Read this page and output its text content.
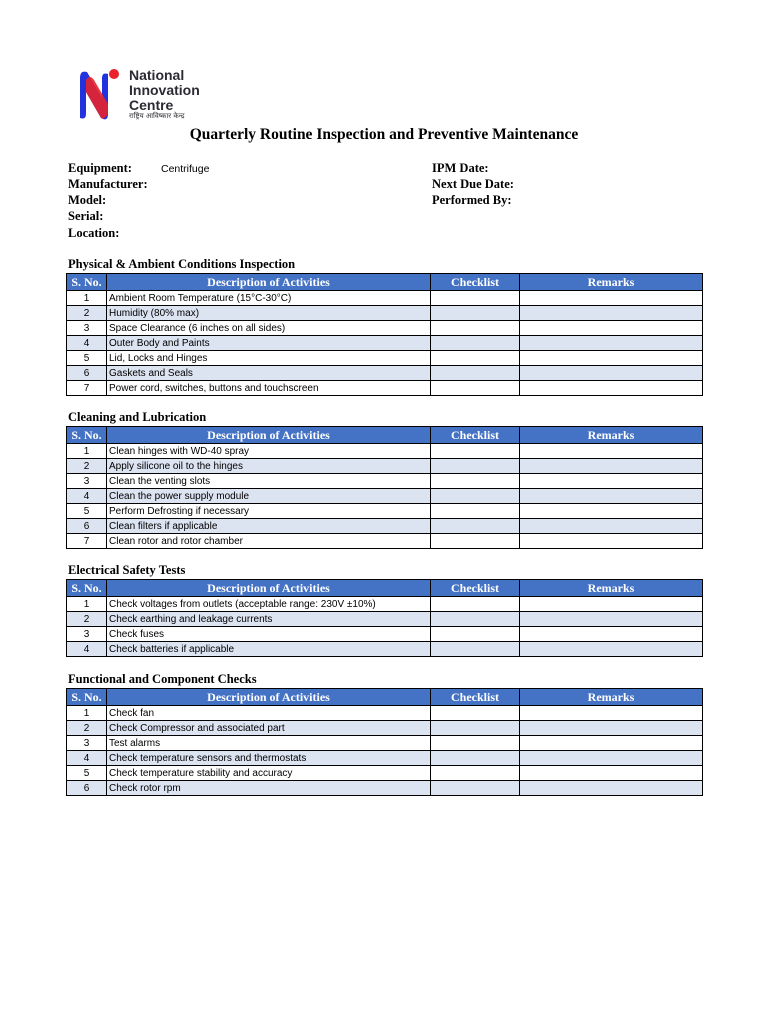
National
Innovation
Centre
राष्ट्रिय आविष्कार केन्द्र
Quarterly Routine Inspection and Preventive Maintenance
Equipment:	Centrifuge
Manufacturer:
Model:
Serial:
Location:
IPM Date:
Next Due Date:
Performed By:
Physical & Ambient Conditions Inspection
S. No.	Description of Activities	Checklist	Remarks
1	Ambient Room Temperature (15°C-30°C)		
2	Humidity (80% max)		
3	Space Clearance (6 inches on all sides)		
4	Outer Body and Paints		
5	Lid, Locks and Hinges		
6	Gaskets and Seals		
7	Power cord, switches, buttons and touchscreen		
Cleaning and Lubrication
S. No.	Description of Activities	Checklist	Remarks
1	Clean hinges with WD-40 spray		
2	Apply silicone oil to the hinges		
3	Clean the venting slots		
4	Clean the power supply module		
5	Perform Defrosting if necessary		
6	Clean filters if applicable		
7	Clean rotor and rotor chamber		
Electrical Safety Tests
S. No.	Description of Activities	Checklist	Remarks
1	Check voltages from outlets (acceptable range: 230V ±10%)		
2	Check earthing and leakage currents		
3	Check fuses		
4	Check batteries if applicable		
Functional and Component Checks
S. No.	Description of Activities	Checklist	Remarks
1	Check fan		
2	Check Compressor and associated part		
3	Test alarms		
4	Check temperature sensors and thermostats		
5	Check temperature stability and accuracy		
6	Check rotor rpm		
